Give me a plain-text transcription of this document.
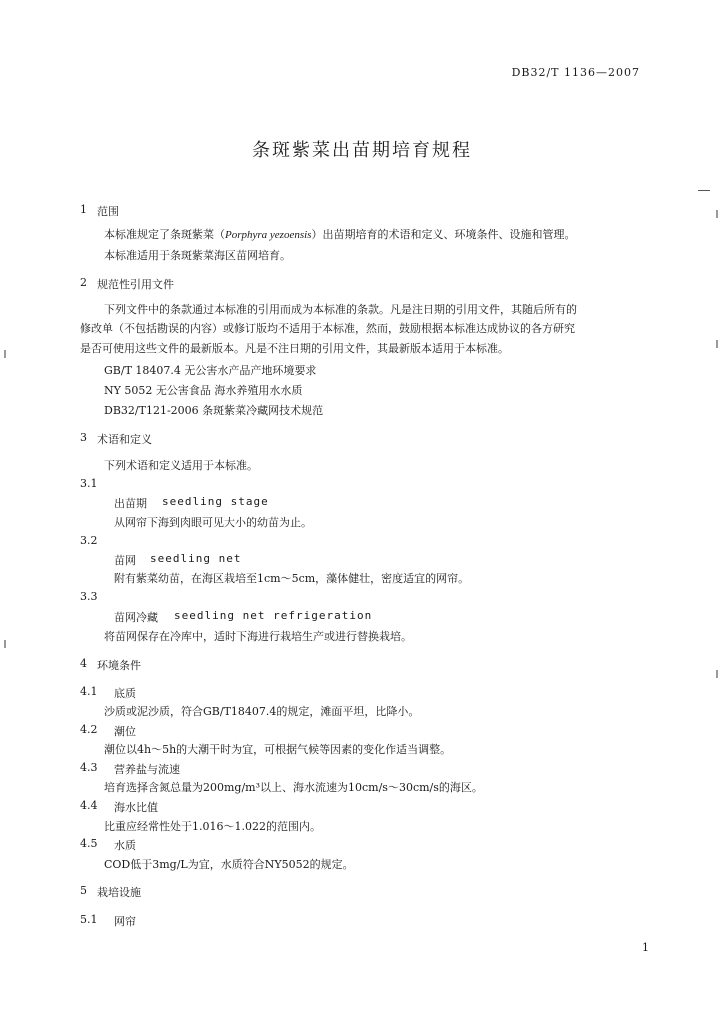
DB32/T 1136—2007
条斑紫菜出苗期培育规程
1 范围
本标准规定了条斑紫菜（Porphyra yezoensis）出苗期培育的术语和定义、环境条件、设施和管理。
本标准适用于条斑紫菜海区苗网培育。
2 规范性引用文件
下列文件中的条款通过本标准的引用而成为本标准的条款。凡是注日期的引用文件，其随后所有的
修改单（不包括勘误的内容）或修订版均不适用于本标准，然而，鼓励根据本标准达成协议的各方研究
是否可使用这些文件的最新版本。凡是不注日期的引用文件，其最新版本适用于本标准。
GB/T 18407.4 无公害水产品产地环境要求
NY 5052 无公害食品 海水养殖用水水质
DB32/T121-2006 条斑紫菜冷藏网技术规范
3 术语和定义
下列术语和定义适用于本标准。
3.1
出苗期 seedling stage
从网帘下海到肉眼可见大小的幼苗为止。
3.2
苗网 seedling net
附有紫菜幼苗，在海区栽培至1cm～5cm，藻体健壮，密度适宜的网帘。
3.3
苗网冷藏 seedling net refrigeration
将苗网保存在冷库中，适时下海进行栽培生产或进行替换栽培。
4 环境条件
4.1 底质
沙质或泥沙质，符合GB/T18407.4的规定，滩面平坦，比降小。
4.2 潮位
潮位以4h～5h的大潮干时为宜，可根据气候等因素的变化作适当调整。
4.3 营养盐与流速
培育选择含氮总量为200mg/m³以上、海水流速为10cm/s～30cm/s的海区。
4.4 海水比值
比重应经常性处于1.016～1.022的范围内。
4.5 水质
COD低于3mg/L为宜，水质符合NY5052的规定。
5 栽培设施
5.1 网帘
1
